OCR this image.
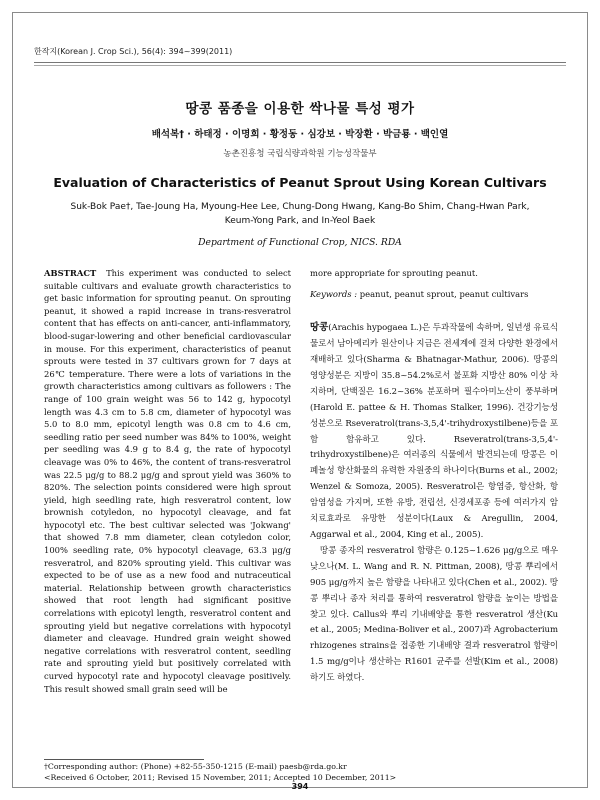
한작지(Korean J. Crop Sci.), 56(4): 394~399(2011)
땅콩 품종을 이용한 싹나물 특성 평가
배석복† · 하태정 · 이명희 · 황정동 · 심강보 · 박장환 · 박금룡 · 백인열
농촌진흥청 국립식량과학원 기능성작물부
Evaluation of Characteristics of Peanut Sprout Using Korean Cultivars
Suk-Bok Pae†, Tae-Joung Ha, Myoung-Hee Lee, Chung-Dong Hwang, Kang-Bo Shim, Chang-Hwan Park,
Keum-Yong Park, and In-Yeol Baek
Department of Functional Crop, NICS. RDA

ABSTRACT This experiment was conducted to select suitable cultivars and evaluate growth characteristics to get basic information for sprouting peanut. On sprouting peanut, it showed a rapid increase in trans-resveratrol content that has effects on anti-cancer, anti-inflammatory, blood-sugar-lowering and other beneficial cardiovascular in mouse. For this experiment, characteristics of peanut sprouts were tested in 37 cultivars grown for 7 days at 26℃ temperature. There were a lots of variations in the growth characteristics among cultivars as followers : The range of 100 grain weight was 56 to 142 g, hypocotyl length was 4.3 cm to 5.8 cm, diameter of hypocotyl was 5.0 to 8.0 mm, epicotyl length was 0.8 cm to 4.6 cm, seedling ratio per seed number was 84% to 100%, weight per seedling was 4.9 g to 8.4 g, the rate of hypocotyl cleavage was 0% to 46%, the content of trans-resveratrol was 22.5 μg/g to 88.2 μg/g and sprout yield was 360% to 820%. The selection points considered were high sprout yield, high seedling rate, high resveratrol content, low brownish cotyledon, no hypocotyl cleavage, and fat hypocotyl etc. The best cultivar selected was 'Jokwang' that showed 7.8 mm diameter, clean cotyledon color, 100% seedling rate, 0% hypocotyl cleavage, 63.3 μg/g resveratrol, and 820% sprouting yield. This cultivar was expected to be of use as a new food and nutraceutical material. Relationship between growth characteristics showed that root length had significant positive correlations with epicotyl length, resveratrol content and sprouting yield but negative correlations with hypocotyl diameter and cleavage. Hundred grain weight showed negative correlations with resveratrol content, seedling rate and sprouting yield but positively correlated with curved hypocotyl rate and hypocotyl cleavage positively. This result showed small grain seed will be

more appropriate for sprouting peanut.

Keywords : peanut, peanut sprout, peanut cultivars

땅콩(Arachis hypogaea L.)은 두과작물에 속하며, 일년생 유료식물로서 남아메리카 원산이나 지금은 전세계에 걸쳐 다양한 환경에서 재배하고 있다(Sharma & Bhatnagar-Mathur, 2006). 땅콩의 영양성분은 지방이 35.8~54.2%로서 불포화 지방산 80% 이상 차지하며, 단백질은 16.2~36% 분포하며 필수아미노산이 풍부하며(Harold E. pattee & H. Thomas Stalker, 1996). 건강기능성 성분으로 Rseveratrol(trans-3,5,4'-trihydroxystilbene)등을 포함 함유하고 있다. Rseveratrol(trans-3,5,4'-trihydroxystilbene)은 여러종의 식물에서 발견되는데 땅콩은 이 폐놀성 항산화물의 유력한 자원중의 하나이다(Burns et al., 2002; Wenzel & Somoza, 2005). Resveratrol은 항염증, 항산화, 항암염성을 가지며, 또한 유방, 전립선, 신경세포종 등에 여러가지 암치료효과로 유망한 성분이다(Laux & Aregullin, 2004, Aggarwal et al., 2004, King et al., 2005).

땅콩 종자의 resveratrol 함량은 0.125~1.626 μg/g으로 매우 낮으나(M. L. Wang and R. N. Pittman, 2008), 땅콩 뿌리에서 905 μg/g까지 높은 함량을 나타내고 있다(Chen et al., 2002). 땅콩 뿌리나 종자 처리를 통하여 resveratrol 함량을 높이는 방법을 찾고 있다. Callus와 뿌리 기내배양을 통한 resveratrol 생산(Ku et al., 2005; Medina-Boliver et al., 2007)과 Agrobacterium rhizogenes strains을 접종한 기내배양 결과 resveratrol 함량이 1.5 mg/g이나 생산하는 R1601 균주를 선발(Kim et al., 2008)하기도 하였다.

†Corresponding author: (Phone) +82-55-350-1215 (E-mail) paesb@rda.go.kr
<Received 6 October, 2011; Revised 15 November, 2011; Accepted 10 December, 2011>
394
